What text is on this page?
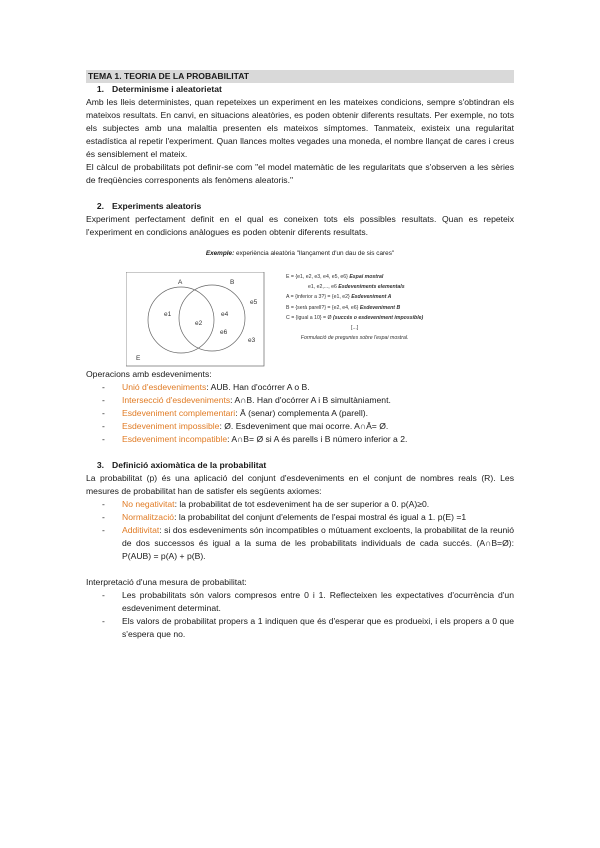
TEMA 1. TEORIA DE LA PROBABILITAT
1. Determinisme i aleatorietat
Amb les lleis deterministes, quan repeteixes un experiment en les mateixes condicions, sempre s'obtindran els mateixos resultats. En canvi, en situacions aleatòries, es poden obtenir diferents resultats. Per exemple, no tots els subjectes amb una malaltia presenten els mateixos símptomes. Tanmateix, existeix una regularitat estadística al repetir l'experiment. Quan llances moltes vegades una moneda, el nombre llançat de cares i creus és sensiblement el mateix.
El càlcul de probabilitats pot definir-se com "el model matemàtic de les regularitats que s'observen a les sèries de freqüències corresponents als fenòmens aleatoris."
2. Experiments aleatoris
Experiment perfectament definit en el qual es coneixen tots els possibles resultats. Quan es repeteix l'experiment en condicions anàlogues es poden obtenir diferents resultats.
Exemple: experiència aleatòria "llançament d'un dau de sis cares"
A	B
E
e1
e2
e3
e4
e5
e6
E = {e1, e2, e3, e4, e5, e6} Espai mostral
e1, e2,..., e6 Esdeveniments elementals
A = {inferior a 3?} = {e1, e2} Esdeveniment A
B = {serà parell?} = {e2, e4, e6} Esdeveniment B
C = {igual a 10} = Ø (succés o esdeveniment impossible)
[...]
Formulació de preguntes sobre l'espai mostral.
Operacions amb esdeveniments:
-	Unió d'esdeveniments: AUB. Han d'ocórrer A o B.
-	Intersecció d'esdeveniments: A∩B. Han d'ocórrer A i B simultàniament.
-	Esdeveniment complementari: Ā (senar) complementa A (parell).
-	Esdeveniment impossible: Ø. Esdeveniment que mai ocorre. A∩Ā= Ø.
-	Esdeveniment incompatible: A∩B= Ø si A és parells i B número inferior a 2.
3. Definició axiomàtica de la probabilitat
La probabilitat (p) és una aplicació del conjunt d'esdeveniments en el conjunt de nombres reals (R). Les mesures de probabilitat han de satisfer els següents axiomes:
-	No negativitat: la probabilitat de tot esdeveniment ha de ser superior a 0. p(A)≥0.
-	Normalització: la probabilitat del conjunt d'elements de l'espai mostral és igual a 1. p(E) =1
-	Additivitat: si dos esdeveniments són incompatibles o mútuament excloents, la probabilitat de la reunió de dos successos és igual a la suma de les probabilitats individuals de cada succés. (A∩B=Ø): P(AUB) = p(A) + p(B).
Interpretació d'una mesura de probabilitat:
-	Les probabilitats són valors compresos entre 0 i 1. Reflecteixen les expectatives d'ocurrència d'un esdeveniment determinat.
-	Els valors de probabilitat propers a 1 indiquen que és d'esperar que es produeixi, i els propers a 0 que s'espera que no.
